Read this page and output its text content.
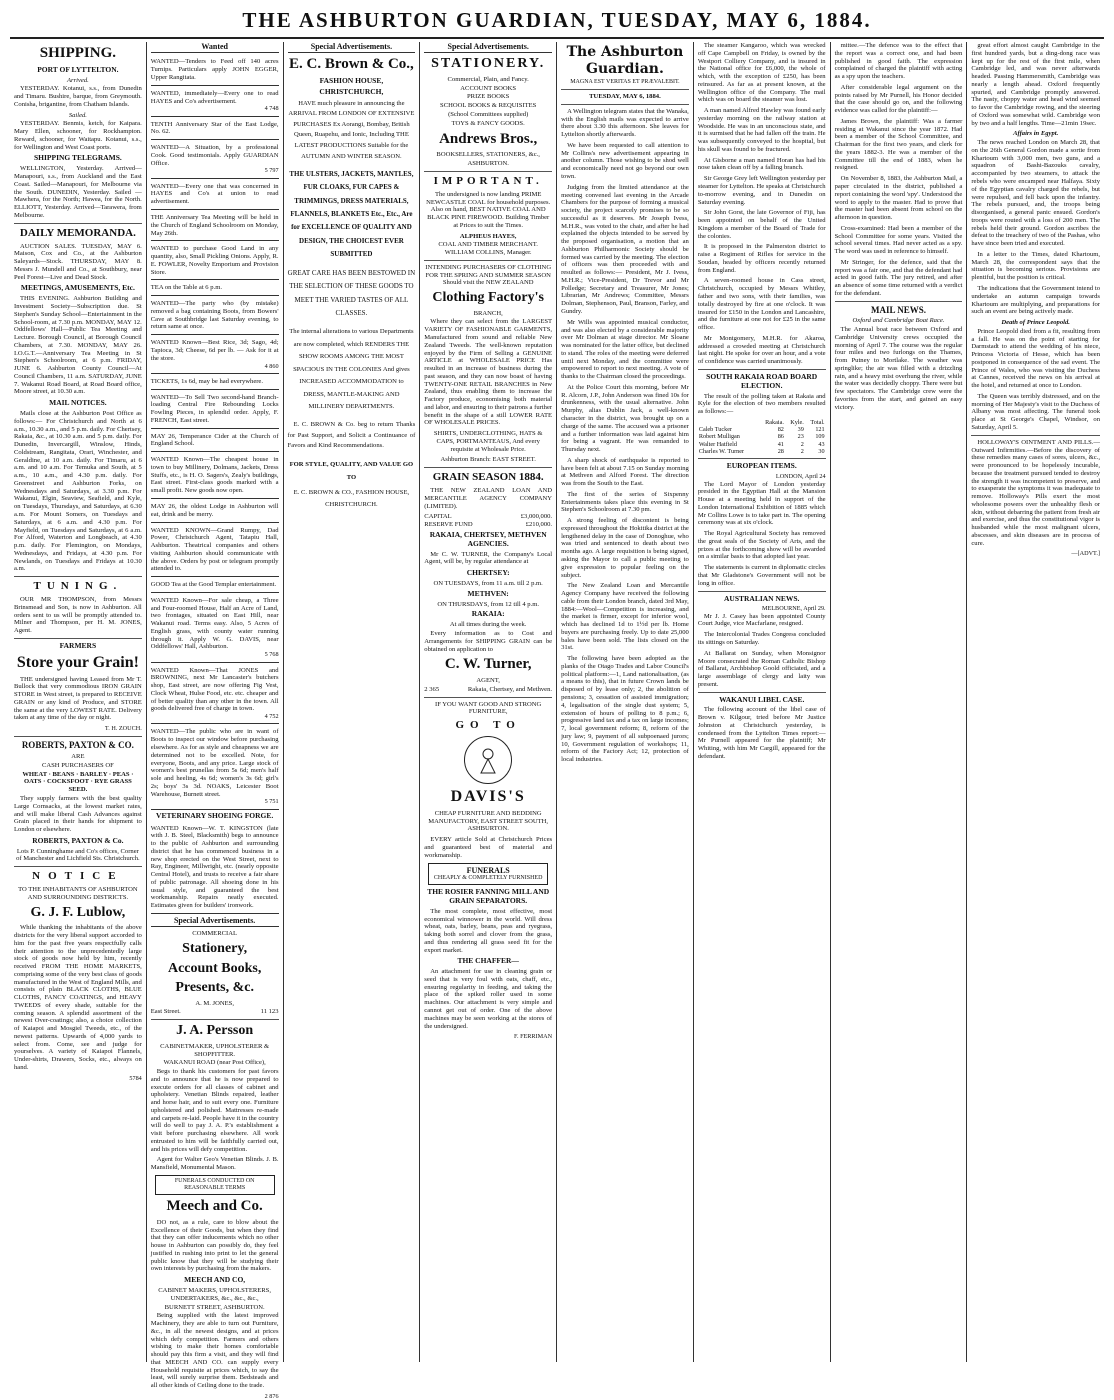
THE ASHBURTON GUARDIAN, TUESDAY, MAY 6, 1884.
SHIPPING.
PORT OF LYTTELTON.
Arrived.

YESTERDAY. Kotanui, s.s., from Dunedin and Timaru. Bushire, barque, from Greymouth. Conisha, brigantine, from Chatham Islands.

Sailed.

YESTERDAY. Benmis, ketch, for Kaipara. Mary Ellen, schooner, for Rockhampton. Reward, schooner, for Waitapu. Kotanui, s.s., for Wellington and West Coast ports.

SHIPPING TELEGRAMS.

WELLINGTON, Yesterday. Arrived—Manapouri, s.s., from Auckland and the East Coast. Sailed—Manapouri, for Melbourne via the South. DUNEDIN, Yesterday. Sailed — Mawhera, for the North; Hawea, for the North. ELLIOTT, Yesterday. Arrived—Tarawera, from Melbourne.

DAILY MEMORANDA.

AUCTION SALES. TUESDAY, MAY 6. Maison, Cox and Co., at the Ashburton Saleyards—Stock. THURSDAY, MAY 8. Messrs J. Mundell and Co., at Southbury, near Peel Forest—Live and Dead Stock.

MEETINGS, AMUSEMENTS, Etc.

THIS EVENING. Ashburton Building and Investment Society—Subscription due. St Stephen's Sunday School—Entertainment in the School-room, at 7.30 p.m. MONDAY, MAY 12. Oddfellows' Hall—Public Tea Meeting and Lecture. Borough Council, at Borough Council Chambers, at 7.30. MONDAY, MAY 26. I.O.G.T.—Anniversary Tea Meeting in St Stephen's Schoolroom, at 6 p.m. FRIDAY, JUNE 6. Ashburton County Council—At Council Chambers, 11 a.m. SATURDAY, JUNE 7. Wakanui Road Board, at Road Board office, Moore street, at 10.30 a.m.

MAIL NOTICES.

Mails close at the Ashburton Post Office as follows:— For Christchurch and North at 6 a.m., 10.30 a.m., and 5 p.m. daily. For Chertsey, Rakaia, &c., at 10.30 a.m. and 5 p.m. daily. For Dunedin, Invercargill, Winslow, Hinds, Coldstream, Rangitata, Orari, Winchester, and Geraldine, at 10 a.m. daily. For Timaru, at 6 a.m. and 10 a.m. For Temuka and South, at 5 a.m., 10 a.m., and 4.30 p.m. daily. For Greenstreet and Ashburton Forks, on Wednesdays and Saturdays, at 3.30 p.m. For Wakanui, Elgin, Seaview, Seafield, and Kyle, on Tuesdays, Thursdays, and Saturdays, at 6.30 a.m. For Mount Somers, on Tuesdays and Saturdays, at 6 a.m. and 4.30 p.m. For Mayfield, on Tuesdays and Saturdays, at 6 a.m. For Alford, Waterton and Longbeach, at 4.30 p.m. daily. For Flemington, on Mondays, Wednesdays, and Fridays, at 4.30 p.m. For Newlands, on Tuesdays and Fridays at 10.30 a.m.

TUNING.

OUR MR THOMPSON, from Messrs Brinsmead and Son, is now in Ashburton. All orders sent to us will be promptly attended to. Milner and Thompson, per H. M. JONES, Agent.

FARMERS
Store your Grain!

THE undersigned having Leased from Mr T. Bullock that very commodious IRON GRAIN STORE in West street, is prepared to RECEIVE GRAIN or any kind of Produce, and STORE the same at the very LOWEST RATE. Delivery taken at any time of the day or night.

T. H. ZOUCH.
ROBERTS, PAXTON & CO.
ARE
CASH PURCHASERS OF
WHEAT · BEANS · BARLEY · PEAS · OATS · COCKSFOOT · RYE GRASS SEED.

They supply farmers with the best quality Large Cornsacks, at the lowest market rates, and will make liberal Cash Advances against Grain placed in their hands for shipment to London or elsewhere.

ROBERTS, PAXTON & Co.
Lots P. Cunninghame and Co's offices, Corner of Manchester and Lichfield Sts. Christchurch.
NOTICE
TO THE INHABITANTS OF ASHBURTON AND SURROUNDING DISTRICTS.
G. J. F. Lublow,

While thanking the inhabitants of the above districts for the very liberal support accorded to him for the past five years respectfully calls their attention to the unprecedentedly large stock of goods now held by him, recently received FROM THE HOME MARKETS, comprising some of the very best class of goods manufactured in the West of England Mills, and consists of plain BLACK CLOTHS, BLUE CLOTHS, FANCY COATINGS, and HEAVY TWEEDS of every shade, suitable for the coming season. A splendid assortment of the newest Over-coatings; also, a choice collection of Kaiapoi and Mosgiel Tweeds, etc., of the newest patterns. Upwards of 4,000 yards to select from. Come, see and judge for yourselves. A variety of Kaiapoi Flannels, Under-shirts, Drawers, Socks, etc., always on hand.

5784
Wanted

WANTED—Tenders to Feed off 140 acres Turnips. Particulars apply JOHN EGGER, Upper Rangitata.

WANTED, immediately—Every one to read HAYES and Co's advertisement.

4 748

TENTH Anniversary Star of the East Lodge, No. 62.

WANTED—A Situation, by a professional Cook. Good testimonials. Apply GUARDIAN Office.

5 797

WANTED—Every one that was concerned in HAYES and Co's at union to read advertisement.

THE Anniversary Tea Meeting will be held in the Church of England Schoolroom on Monday, May 26th.

WANTED to purchase Good Land in any quantity, also, Small Pickling Onions. Apply, R. E. FOWLER, Novelty Emporium and Provision Store.

TEA on the Table at 6 p.m.

WANTED—The party who (by mistake) removed a bag containing Boots, from Bowers' Cave at Southbridge last Saturday evening, to return same at once.

WANTED Known—Best Rice, 3d; Sago, 4d; Tapioca, 3d; Cheese, 6d per lb. — Ask for it at the store.

4 860

TICKETS, 1s 6d, may be had everywhere.

WANTED—To Sell Two second-hand Branch-loading Central Fire Rebounding Locks Fowling Pieces, in splendid order. Apply, F. FRENCH, East street.

MAY 26, Temperance Cider at the Church of England School.

WANTED Known—The cheapest house in town to buy Millinery, Dolmans, Jackets, Dress Stuffs, etc., is H. O. Sagers's, Zealy's buildings, East street. First-class goods marked with a small profit. New goods now open.

MAY 26, the oldest Lodge in Ashburton will eat, drink and be merry.

WANTED KNOWN—Grand Rumpy, Dad Power, Christchurch Agent, Tatapiu Hall, Ashburton. Theatrical companies and others visiting Ashburton should communicate with the above. Orders by post or telegram promptly attended to.

GOOD Tea at the Good Templar entertainment.

WANTED Known—For sale cheap, a Three and Four-roomed House, Half an Acre of Land, two frontages, situated on East Hill, near Wakanui road. Terms easy. Also, 5 Acres of English grass, with county water running through it. Apply W. G. DAVIS, near Oddfellows' Hall, Ashburton.

5 768

WANTED Known—That JONES and BROWNING, next Mr Lancaster's butchers shop, East street, are now offering Fig Vest, Clock Wheat, Hulse Food, etc. etc. cheaper and of better quality than any other in the town. All goods delivered free of charge in town.

4 752

WANTED—The public who are in want of Boots to inspect our window before purchasing elsewhere. As for as style and cheapness we are determined not to be excelled. Note, for everyone, Boots, and any price. Large stock of women's best prunellas from 5s 6d; men's half sole and heeling, 4s 6d; women's 3s 6d; girl's 2s; boys' 3s 3d. NOAKS, Leicester Boot Warehouse, Burnett street.

5 751
VETERINARY SHOEING FORGE.

WANTED Known—W. T. KINGSTON (late with J. B. Steel, Blacksmith) begs to announce to the public of Ashburton and surrounding district that he has commenced business in a new shop erected on the West Street, next to Ray, Engineer, Millwright, etc. (nearly opposite Central Hotel), and trusts to receive a fair share of public patronage. All shoeing done in his usual style, and guaranteed the best workmanship. Repairs neatly executed. Estimates given for builders' ironwork.

Special Advertisements.
COMMERCIAL
Stationery,
Account Books,
Presents, &c.
A. M. JONES,
East Street.	11 123
J. A. Persson
CABINETMAKER, UPHOLSTERER & SHOPFITTER.
WAKANUI ROAD (near Post Office),

Begs to thank his customers for past favors and to announce that he is now prepared to execute orders for all classes of cabinet and upholstery. Venetian Blinds repaired, leather and horse hair, and to suit every one. Furniture upholstered and polished. Mattresses re-made and carpets re-laid. People have it in the country will do well to pay J. A. P.'s establishment a visit before purchasing elsewhere. All work entrusted to him will be faithfully carried out, and his prices will defy competition.

Agent for Walter Geo's Venetian Blinds. J. B. Mansfield, Monumental Mason.

FUNERALS CONDUCTED ON REASONABLE TERMS
Meech and Co.

DO not, as a rule, care to blow about the Excellence of their Goods, but when they find that they can offer inducements which no other house in Ashburton can possibly do, they feel justified in rushing into print to let the general public know that they will be studying their own interests by purchasing from the makers.

MEECH AND CO,
CABINET MAKERS, UPHOLSTERERS, UNDERTAKERS, &c., &c., &c.,
BURNETT STREET, ASHBURTON.

Being supplied with the latest improved Machinery, they are able to turn out Furniture, &c., in all the newest designs, and at prices which defy competition. Farmers and others wishing to make their homes comfortable should pay this firm a visit, and they will find that MEECH AND CO. can supply every Household requisite at prices which, to say the least, will surely surprise them. Bedsteads and all other kinds of Ceiling done to the trade.

2 876
Special Advertisements.
E. C. Brown & Co.,
FASHION HOUSE,
CHRISTCHURCH,

HAVE much pleasure in announcing the ARRIVAL FROM LONDON OF EXTENSIVE PURCHASES Ex Aorangi, Bombay, British Queen, Ruapehu, and Ionic, Including THE LATEST PRODUCTIONS Suitable for the AUTUMN AND WINTER SEASON.

THE ULSTERS, JACKETS, MANTLES, FUR CLOAKS, FUR CAPES & TRIMMINGS, DRESS MATERIALS, FLANNELS, BLANKETS Etc., Etc., Are for EXCELLENCE OF QUALITY AND DESIGN, THE CHOICEST EVER SUBMITTED

GREAT CARE HAS BEEN BESTOWED IN THE SELECTION OF THESE GOODS TO MEET THE VARIED TASTES OF ALL CLASSES.

The internal alterations to various Departments are now completed, which RENDERS THE SHOW ROOMS AMONG THE MOST SPACIOUS IN THE COLONIES And gives INCREASED ACCOMMODATION to DRESS, MANTLE-MAKING AND MILLINERY DEPARTMENTS.

E. C. BROWN & Co. beg to return Thanks for Past Support, and Solicit a Continuance of Favors and Kind Recommendations.

FOR STYLE, QUALITY, AND VALUE GO TO

E. C. BROWN & CO., FASHION HOUSE, CHRISTCHURCH.

Special Advertisements.
STATIONERY.
Commercial, Plain, and Fancy.
ACCOUNT BOOKS
PRIZE BOOKS
SCHOOL BOOKS & REQUISITES
(School Committees supplied)
TOYS & FANCY GOODS.
Andrews Bros.,
BOOKSELLERS, STATIONERS, &c.,
ASHBURTON.
IMPORTANT.

The undersigned is now landing PRIME NEWCASTLE COAL for household purposes. Also on hand, BEST NATIVE COAL AND BLACK PINE FIREWOOD. Building Timber at Prices to suit the Times.

ALPHEUS HAYES,
COAL AND TIMBER MERCHANT. WILLIAM COLLINS, Manager.

INTENDING PURCHASERS OF CLOTHING FOR THE SPRING AND SUMMER SEASON Should visit the NEW ZEALAND

Clothing Factory's
BRANCH,

Where they can select from the LARGEST VARIETY OF FASHIONABLE GARMENTS, Manufactured from sound and reliable New Zealand Tweeds. The well-known reputation enjoyed by the Firm of Selling a GENUINE ARTICLE at WHOLESALE PRICE Has resulted in an increase of business during the past season, and they can now boast of having TWENTY-ONE RETAIL BRANCHES in New Zealand, thus enabling them to increase the Factory produce, economising both material and labor, and ensuring to their patrons a further benefit in the shape of a still LOWER RATE OF WHOLESALE PRICES.

SHIRTS, UNDERCLOTHING, HATS & CAPS, PORTMANTEAUS, And every requisite at Wholesale Price.

Ashburton Branch: EAST STREET.
GRAIN SEASON 1884.

THE NEW ZEALAND LOAN AND MERCANTILE AGENCY COMPANY (LIMITED).

CAPITAL	£3,000,000.
RESERVE FUND	£210,000.
RAKAIA, CHERTSEY, METHVEN AGENCIES.

Mr C. W. TURNER, the Company's Local Agent, will be, by regular attendance at

CHERTSEY:
ON TUESDAYS, from 11 a.m. till 2 p.m.
METHVEN:
ON THURSDAYS, from 12 till 4 p.m.
RAKAIA:
At all times during the week.

Every information as to Cost and Arrangements for SHIPPING GRAIN can be obtained on application to

C. W. Turner,
AGENT,
2 365	Rakaia, Chertsey, and Methven.
IF YOU WANT GOOD AND STRONG FURNITURE,
GO TO
DAVIS'S

CHEAP FURNITURE AND BEDDING MANUFACTORY, EAST STREET SOUTH, ASHBURTON.

EVERY article Sold at Christchurch Prices and guaranteed best of material and workmanship.

FUNERALS
CHEAPLY & COMPLETELY FURNISHED
THE ROSIER FANNING MILL AND GRAIN SEPARATORS.

The most complete, most effective, most economical winnower in the world. Will dress wheat, oats, barley, beans, peas and ryegrass, taking both sorrel and clover from the grass, and thus rendering all grass seed fit for the export market.

THE CHAFFER—

An attachment for use in cleaning grain or seed that is very foul with oats, chaff, etc., ensuring regularity in feeding, and taking the place of the spiked roller used in some machines. Our attachment is very simple and cannot get out of order. One of the above machines may be seen working at the stores of the undersigned.

F. FERRIMAN
The Ashburton Guardian.
MAGNA EST VERITAS ET PRÆVALEBIT.
TUESDAY, MAY 6, 1884.

A Wellington telegram states that the Wanaka, with the English mails was expected to arrive there about 3.30 this afternoon. She leaves for Lyttelton shortly afterwards.

We have been requested to call attention to Mr Collins's new advertisement appearing in another column. Those wishing to be shod well and economically need not go beyond our own town.

Judging from the limited attendance at the meeting convened last evening in the Arcade Chambers for the purpose of forming a musical society, the project scarcely promises to be so successful as it deserves. Mr Joseph Ivess, M.H.R., was voted to the chair, and after he had explained the objects intended to be served by the proposed organisation, a motion that an Ashburton Philharmonic Society should be formed was carried by the meeting. The election of officers was then proceeded with and resulted as follows:— President, Mr J. Ivess, M.H.R.; Vice-President, Dr Trevor and Mr Polledge; Secretary and Treasurer, Mr Jones; Librarian, Mr Andrews; Committee, Messrs Dolman, Stephenson, Paul, Branson, Farley, and Gundry.

Mr Wills was appointed musical conductor, and was also elected by a considerable majority over Mr Dolman at stage director. Mr Sloane was nominated for the latter office, but declined to stand. The roles of the meeting were deferred until next Monday, and the committee were empowered to report to next meeting. A vote of thanks to the Chairman closed the proceedings.

At the Police Court this morning, before Mr R. Alcorn, J.P., John Anderson was fined 10s for drunkenness, with the usual alternative. John Murphy, alias Dublin Jack, a well-known character in the district, was brought up on a charge of the same. The accused was a prisoner and a further information was laid against him for being a vagrant. He was remanded to Thursday next.

A sharp shock of earthquake is reported to have been felt at about 7.15 on Sunday morning at Methven and Alford Forest. The direction was from the South to the East.

The first of the series of Sixpenny Entertainments takes place this evening in St Stephen's Schoolroom at 7.30 pm.

A strong feeling of discontent is being expressed throughout the Hokitika district at the lengthened delay in the case of Donoghue, who was tried and sentenced to death about two months ago. A large requisition is being signed, asking the Mayor to call a public meeting to give expression to popular feeling on the subject.

The New Zealand Loan and Mercantile Agency Company have received the following cable from their London branch, dated 3rd May, 1884:—Wool—Competition is increasing, and the market is firmer, except for inferior wool, which has declined 1d to 1½d per lb. Home buyers are purchasing freely. Up to date 25,000 bales have been sold. The lists closed on the 31st.

The following have been adopted as the planks of the Otago Trades and Labor Council's political platform:—1, Land nationalisation, (as a means to this), that in future Crown lands be disposed of by lease only; 2, the abolition of pensions; 3, cessation of assisted immigration; 4, legalisation of the single dust system; 5, extension of hours of polling to 8 p.m.; 6, progressive land tax and a tax on large incomes; 7, local government reform; 8, reform of the jury law; 9, payment of all subpoenaed jurors; 10, Government regulation of workshops; 11, reform of the Factory Act; 12, protection of local industries.

The steamer Kangaroo, which was wrecked off Cape Campbell on Friday, is owned by the Westport Colliery Company, and is insured in the National office for £6,000, the whole of which, with the exception of £250, has been reinsured. As far as at present known, at the Wellington office of the Company. The mail which was on board the steamer was lost.

A man named Alfred Hawley was found early yesterday morning on the railway station at Woodside. He was in an unconscious state, and it is surmised that he had fallen off the train. He was subsequently conveyed to the hospital, but his skull was found to be fractured.

At Gisborne a man named Horan has had his nose taken clean off by a falling branch.

Sir George Grey left Wellington yesterday per steamer for Lyttelton. He speaks at Christchurch to-morrow evening, and in Dunedin on Saturday evening.

Sir John Gorst, the late Governor of Fiji, has been appointed on behalf of the United Kingdom a member of the Board of Trade for the colonies.

It is proposed in the Palmerston district to raise a Regiment of Rifles for service in the Soudan, headed by officers recently returned from England.

A seven-roomed house in Cass street, Christchurch, occupied by Messrs Whitley, father and two sons, with their families, was totally destroyed by fire at one o'clock. It was insured for £150 in the London and Lancashire, and the furniture at one not for £25 in the same office.

Mr Montgomery, M.H.R. for Akaroa, addressed a crowded meeting at Christchurch last night. He spoke for over an hour, and a vote of confidence was carried unanimously.

SOUTH RAKAIA ROAD BOARD ELECTION.

The result of the polling taken at Rakaia and Kyle for the election of two members resulted as follows:—

	Rakaia.	Kyle.	Total.
Caleb Tucker	82	39	121
Robert Mulligan	86	23	109
Walter Hatfield	41	2	43
Charles W. Turner	28	2	30
EUROPEAN ITEMS.
LONDON, April 24

The Lord Mayor of London yesterday presided in the Egyptian Hall at the Mansion House at a meeting held in support of the London International Exhibition of 1885 which Mr Collins Lowe is to take part in. The opening ceremony was at six o'clock.

The Royal Agricultural Society has removed the great seals of the Society of Arts, and the prizes at the forthcoming show will be awarded on a similar basis to that adopted last year.

The statements is current in diplomatic circles that Mr Gladstone's Government will not be long in office.

AUSTRALIAN NEWS.
MELBOURNE, April 29.

Mr J. J. Casey has been appointed County Court Judge, vice Macfarlane, resigned.

The Intercolonial Trades Congress concluded its sittings on Saturday.

At Ballarat on Sunday, when Monsignor Moore consecrated the Roman Catholic Bishop of Ballarat, Archbishop Goold officiated, and a large assemblage of clergy and laity was present.

WAKANUI LIBEL CASE.

The following account of the libel case of Brown v. Kilgour, tried before Mr Justice Johnston at Christchurch yesterday, is condensed from the Lyttelton Times report:— Mr Purnell appeared for the plaintiff; Mr Whiting, with him Mr Cargill, appeared for the defendant.

mittee.—The defence was to the effect that the report was a correct one, and had been published in good faith. The expression complained of charged the plaintiff with acting as a spy upon the teachers.

After considerable legal argument on the points raised by Mr Purnell, his Honor decided that the case should go on, and the following evidence was called for the plaintiff:—

James Brown, the plaintiff: Was a farmer residing at Wakanui since the year 1872. Had been a member of the School Committee, and Chairman for the first two years, and clerk for the years 1882-3. He was a member of the Committee till the end of 1883, when he resigned.

On November 8, 1883, the Ashburton Mail, a paper circulated in the district, published a report containing the word 'spy'. Understood the word to apply to the master. Had to prove that the master had been absent from school on the afternoon in question.

Cross-examined: Had been a member of the School Committee for some years. Visited the school several times. Had never acted as a spy. The word was used in reference to himself.

Mr Stringer, for the defence, said that the report was a fair one, and that the defendant had acted in good faith. The jury retired, and after an absence of some time returned with a verdict for the defendant.

MAIL NEWS.
Oxford and Cambridge Boat Race.

The Annual boat race between Oxford and Cambridge University crews occupied the morning of April 7. The course was the regular four miles and two furlongs on the Thames, from Putney to Mortlake. The weather was springlike; the air was filled with a drizzling rain, and a heavy mist overhung the river, while the water was decidedly choppy. There were but few spectators. The Cambridge crew were the favorites from the start, and gained an easy victory.

great effort almost caught Cambridge in the first hundred yards, but a ding-dong race was kept up for the rest of the first mile, when Cambridge led, and was never afterwards headed. Passing Hammersmith, Cambridge was nearly a length ahead. Oxford frequently spurted, and Cambridge promptly answered. The nasty, choppy water and head wind seemed to favor the Cambridge rowing, and the steering of Oxford was somewhat wild. Cambridge won by two and a half lengths. Time—21min 19sec.

Affairs in Egypt.

The news reached London on March 28, that on the 26th General Gordon made a sortie from Khartoum with 3,000 men, two guns, and a squadron of Bashi-Bazouks cavalry, accompanied by two steamers, to attack the rebels who were encamped near Halfaya. Sixty of the Egyptian cavalry charged the rebels, but were repulsed, and fell back upon the infantry. The rebels pursued, and, the troops being disorganised, a general panic ensued. Gordon's troops were routed with a loss of 200 men. The rebels held their ground. Gordon ascribes the defeat to the treachery of two of the Pashas, who have since been tried and executed.

In a letter to the Times, dated Khartoum, March 28, the correspondent says that the situation is becoming serious. Provisions are plentiful, but the position is critical.

The indications that the Government intend to undertake an autumn campaign towards Khartoum are multiplying, and preparations for such an event are being actively made.

Death of Prince Leopold.

Prince Leopold died from a fit, resulting from a fall. He was on the point of starting for Darmstadt to attend the wedding of his niece, Princess Victoria of Hesse, which has been postponed in consequence of the sad event. The Prince of Wales, who was visiting the Duchess at Cannes, received the news on his arrival at the hotel, and returned at once to London.

The Queen was terribly distressed, and on the morning of Her Majesty's visit to the Duchess of Albany was most affecting. The funeral took place at St George's Chapel, Windsor, on Saturday, April 5.

HOLLOWAY'S OINTMENT AND PILLS.—Outward Infirmities.—Before the discovery of these remedies many cases of sores, ulcers, &c., were pronounced to be hopelessly incurable, because the treatment pursued tended to destroy the strength it was incompetent to preserve, and to exasperate the symptoms it was inadequate to remove. Holloway's Pills exert the most wholesome powers over the unhealthy flesh or skin, without debarring the patient from fresh air and exercise, and thus the constitutional vigor is husbanded while the most malignant ulcers, abscesses, and skin diseases are in process of cure.

—[ADVT.]
